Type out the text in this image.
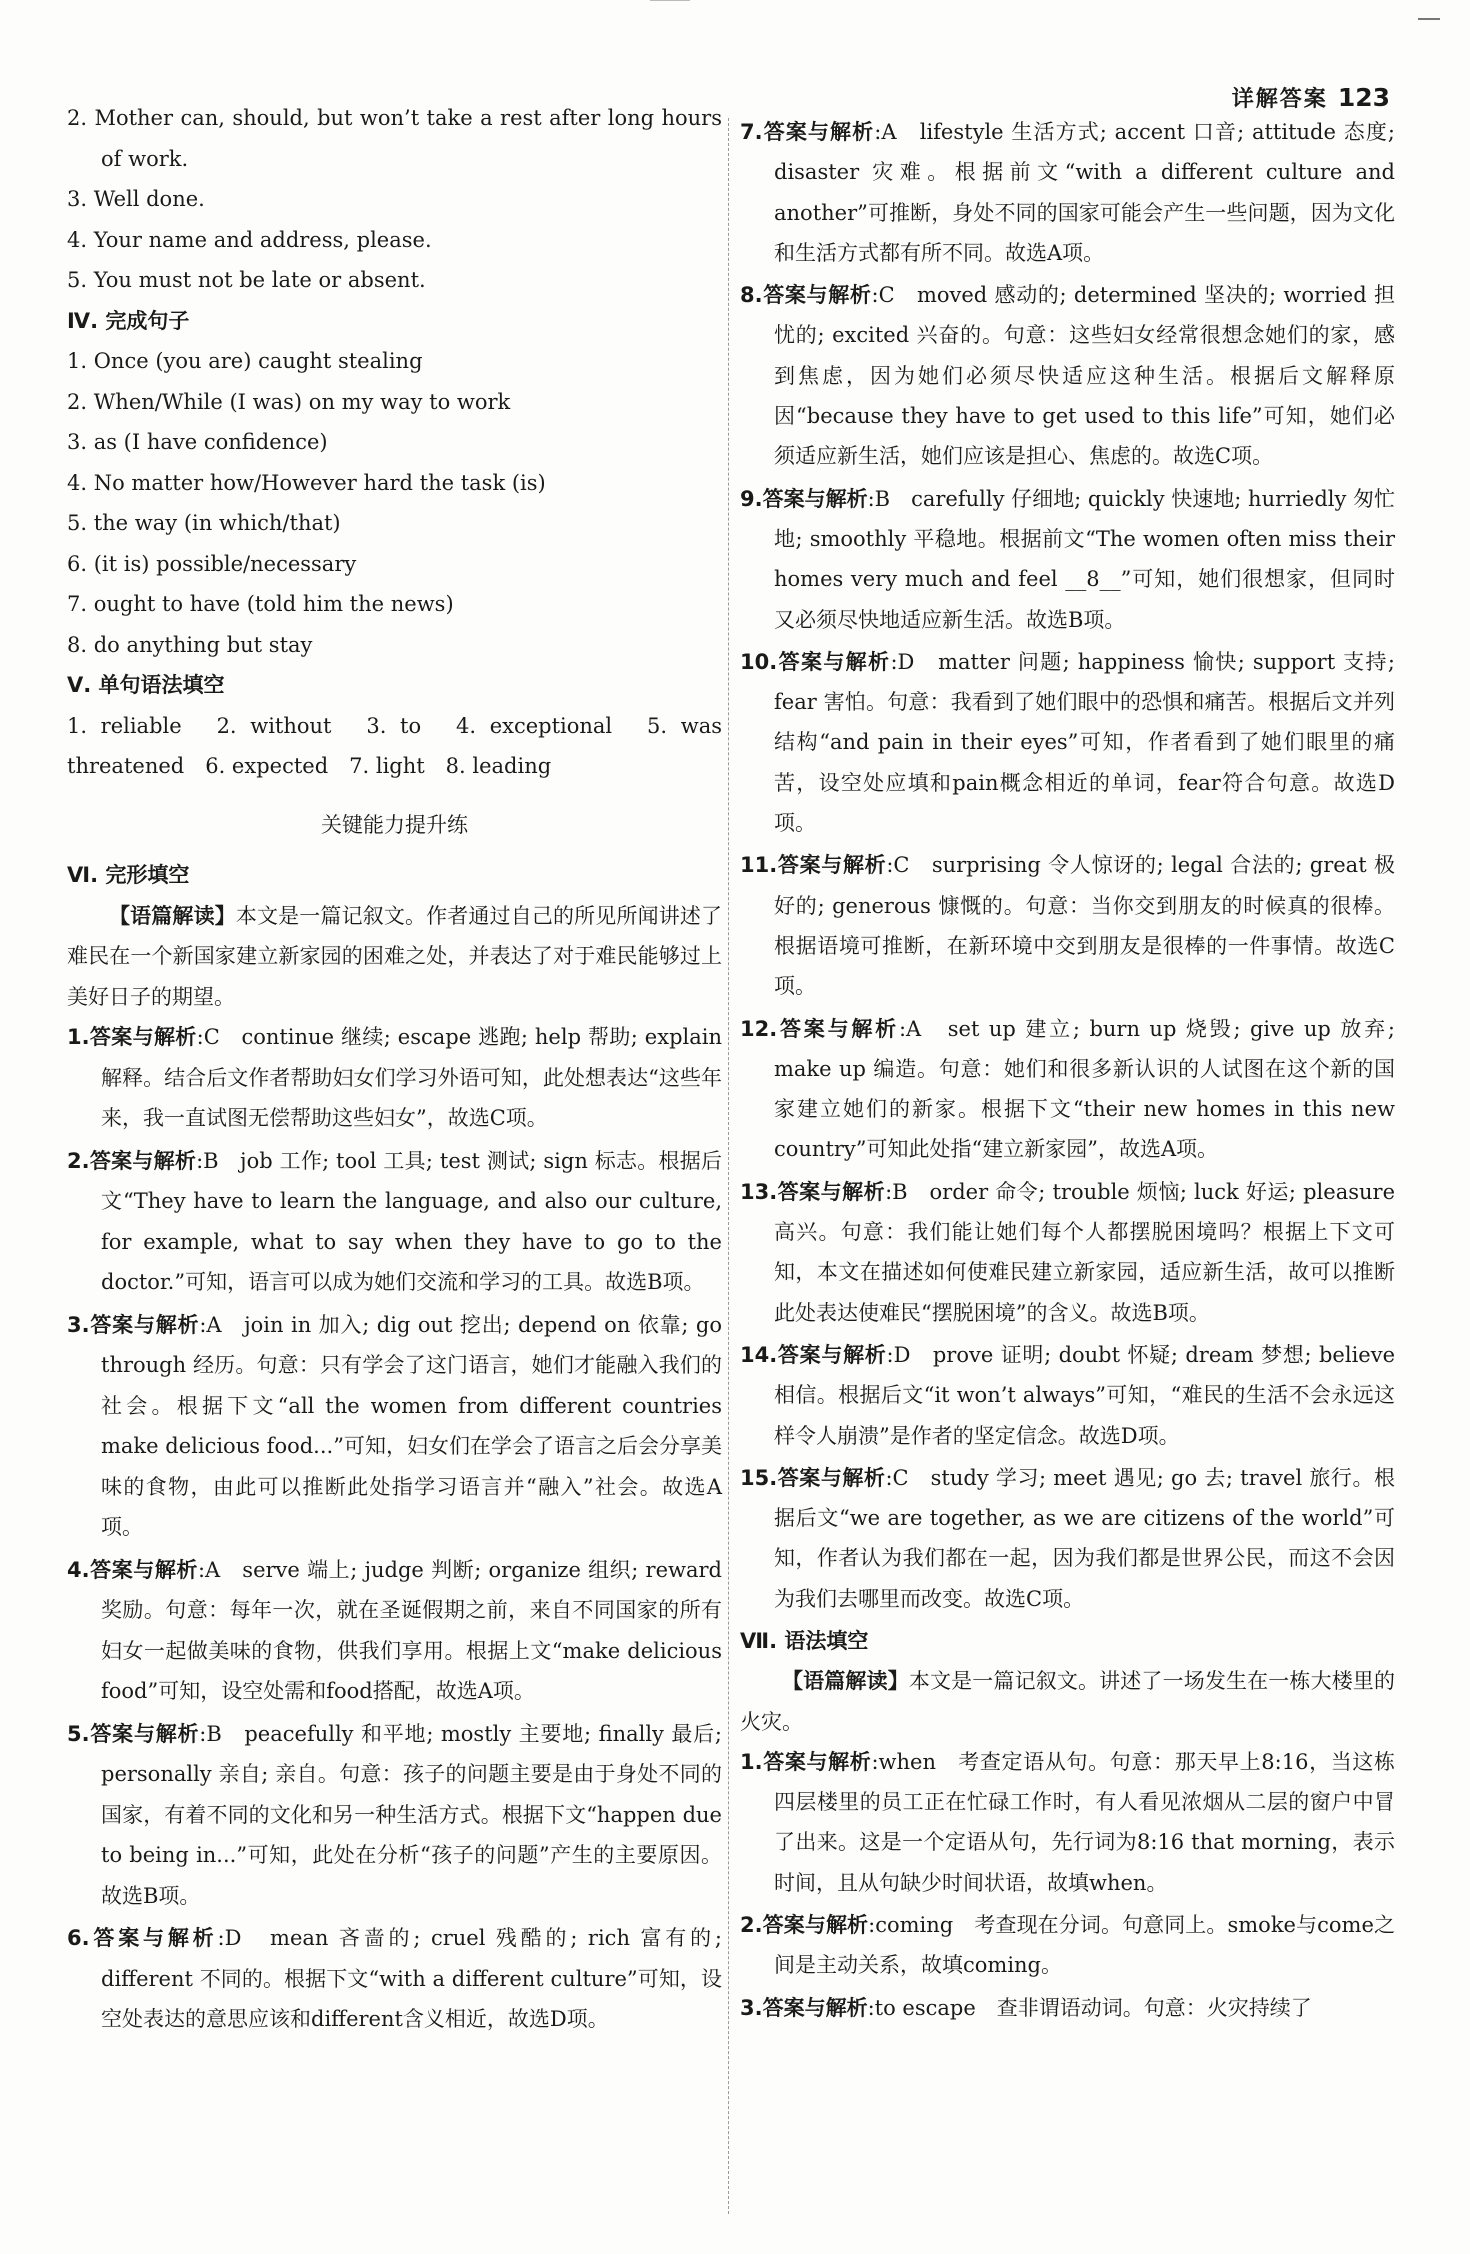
详解答案 123
2. Mother can, should, but won’t take a rest after long hours of work.
3. Well done.
4. Your name and address, please.
5. You must not be late or absent.
Ⅳ. 完成句子
1. Once (you are) caught stealing
2. When/While (I was) on my way to work
3. as (I have confidence)
4. No matter how/However hard the task (is)
5. the way (in which/that)
6. (it is) possible/necessary
7. ought to have (told him the news)
8. do anything but stay
Ⅴ. 单句语法填空
1. reliable　2. without　3. to　4. exceptional　5. was threatened　6. expected　7. light　8. leading
关键能力提升练
Ⅵ. 完形填空
【语篇解读】本文是一篇记叙文。作者通过自己的所见所闻讲述了难民在一个新国家建立新家园的困难之处，并表达了对于难民能够过上美好日子的期望。
1.答案与解析:C　continue 继续; escape 逃跑; help 帮助; explain 解释。结合后文作者帮助妇女们学习外语可知，此处想表达“这些年来，我一直试图无偿帮助这些妇女”，故选C项。
2.答案与解析:B　job 工作; tool 工具; test 测试; sign 标志。根据后文“They have to learn the language, and also our culture, for example, what to say when they have to go to the doctor.”可知，语言可以成为她们交流和学习的工具。故选B项。
3.答案与解析:A　join in 加入; dig out 挖出; depend on 依靠; go through 经历。句意：只有学会了这门语言，她们才能融入我们的社会。根据下文“all the women from different countries make delicious food...”可知，妇女们在学会了语言之后会分享美味的食物，由此可以推断此处指学习语言并“融入”社会。故选A项。
4.答案与解析:A　serve 端上; judge 判断; organize 组织; reward 奖励。句意：每年一次，就在圣诞假期之前，来自不同国家的所有妇女一起做美味的食物，供我们享用。根据上文“make delicious food”可知，设空处需和food搭配，故选A项。
5.答案与解析:B　peacefully 和平地; mostly 主要地; finally 最后; personally 亲自; 亲自。句意：孩子的问题主要是由于身处不同的国家，有着不同的文化和另一种生活方式。根据下文“happen due to being in...”可知，此处在分析“孩子的问题”产生的主要原因。故选B项。
6.答案与解析:D　mean 吝啬的; cruel 残酷的; rich 富有的; different 不同的。根据下文“with a different culture”可知，设空处表达的意思应该和different含义相近，故选D项。
7.答案与解析:A　lifestyle 生活方式; accent 口音; attitude 态度; disaster 灾难。根据前文“with a different culture and another”可推断，身处不同的国家可能会产生一些问题，因为文化和生活方式都有所不同。故选A项。
8.答案与解析:C　moved 感动的; determined 坚决的; worried 担忧的; excited 兴奋的。句意：这些妇女经常很想念她们的家，感到焦虑，因为她们必须尽快适应这种生活。根据后文解释原因“because they have to get used to this life”可知，她们必须适应新生活，她们应该是担心、焦虑的。故选C项。
9.答案与解析:B　carefully 仔细地; quickly 快速地; hurriedly 匆忙地; smoothly 平稳地。根据前文“The women often miss their homes very much and feel __8__”可知，她们很想家，但同时又必须尽快地适应新生活。故选B项。
10.答案与解析:D　matter 问题; happiness 愉快; support 支持; fear 害怕。句意：我看到了她们眼中的恐惧和痛苦。根据后文并列结构“and pain in their eyes”可知，作者看到了她们眼里的痛苦，设空处应填和pain概念相近的单词，fear符合句意。故选D项。
11.答案与解析:C　surprising 令人惊讶的; legal 合法的; great 极好的; generous 慷慨的。句意：当你交到朋友的时候真的很棒。根据语境可推断，在新环境中交到朋友是很棒的一件事情。故选C项。
12.答案与解析:A　set up 建立; burn up 烧毁; give up 放弃; make up 编造。句意：她们和很多新认识的人试图在这个新的国家建立她们的新家。根据下文“their new homes in this new country”可知此处指“建立新家园”，故选A项。
13.答案与解析:B　order 命令; trouble 烦恼; luck 好运; pleasure 高兴。句意：我们能让她们每个人都摆脱困境吗？根据上下文可知，本文在描述如何使难民建立新家园，适应新生活，故可以推断此处表达使难民“摆脱困境”的含义。故选B项。
14.答案与解析:D　prove 证明; doubt 怀疑; dream 梦想; believe 相信。根据后文“it won’t always”可知，“难民的生活不会永远这样令人崩溃”是作者的坚定信念。故选D项。
15.答案与解析:C　study 学习; meet 遇见; go 去; travel 旅行。根据后文“we are together, as we are citizens of the world”可知，作者认为我们都在一起，因为我们都是世界公民，而这不会因为我们去哪里而改变。故选C项。
Ⅶ. 语法填空
【语篇解读】本文是一篇记叙文。讲述了一场发生在一栋大楼里的火灾。
1.答案与解析:when　考查定语从句。句意：那天早上8:16，当这栋四层楼里的员工正在忙碌工作时，有人看见浓烟从二层的窗户中冒了出来。这是一个定语从句，先行词为8:16 that morning，表示时间，且从句缺少时间状语，故填when。
2.答案与解析:coming　考查现在分词。句意同上。smoke与come之间是主动关系，故填coming。
3.答案与解析:to escape　查非谓语动词。句意：火灾持续了
